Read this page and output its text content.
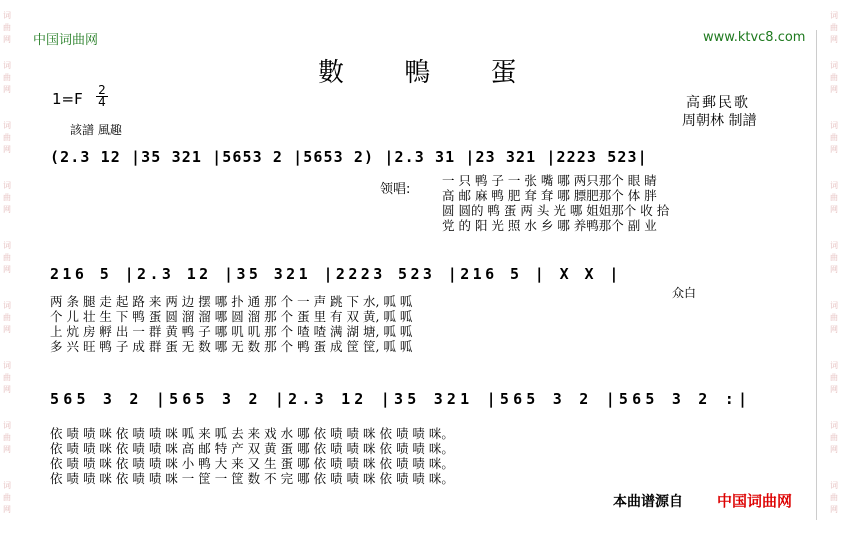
词
曲
网
词
曲
网
词
曲
网
词
曲
网
词
曲
网
词
曲
网
词
曲
网
词
曲
网
词
曲
网
词
曲
网
词
曲
网
词
曲
网
词
曲
网
词
曲
网
词
曲
网
词
曲
网
词
曲
网
词
曲
网
中国词曲网	www.ktvc8.com
數 鴨 蛋
1=F 2
4
該譜 風趣
高郵民歌
周朝林 制譜
(2.3 12 |35 321 |5653 2 |5653 2) |2.3 31 |23 321 |2223 523|
领唱:
一 只 鸭 子 一 张 嘴 哪 两只那个 眼 睛
高 邮 麻 鸭 肥 耷 耷 哪 膘肥那个 体 胖
圆 圆的 鸭 蛋 两 头 光 哪 姐姐那个 收 拾
党 的 阳 光 照 水 乡 哪 养鸭那个 副 业
216 5 |2.3 12 |35 321 |2223 523 |216 5 | X X |
众白
两 条 腿 走 起 路 来 两 边 摆 哪 扑 通 那 个 一 声 跳 下 水, 呱 呱
个 儿 壮 生 下 鸭 蛋 圆 溜 溜 哪 圆 溜 那 个 蛋 里 有 双 黄, 呱 呱
上 炕 房 孵 出 一 群 黄 鸭 子 哪 叽 叽 那 个 喳 喳 满 湖 塘, 呱 呱
多 兴 旺 鸭 子 成 群 蛋 无 数 哪 无 数 那 个 鸭 蛋 成 筐 筐, 呱 呱
565 3 2 |565 3 2 |2.3 12 |35 321 |565 3 2 |565 3 2 :|
依 啧 啧 咪 依 啧 啧 咪 呱 来 呱 去 来 戏 水 哪 依 啧 啧 咪 依 啧 啧 咪。
依 啧 啧 咪 依 啧 啧 咪 高 邮 特 产 双 黄 蛋 哪 依 啧 啧 咪 依 啧 啧 咪。
依 啧 啧 咪 依 啧 啧 咪 小 鸭 大 来 又 生 蛋 哪 依 啧 啧 咪 依 啧 啧 咪。
依 啧 啧 咪 依 啧 啧 咪 一 筐 一 筐 数 不 完 哪 依 啧 啧 咪 依 啧 啧 咪。
本曲谱源自 中国词曲网
